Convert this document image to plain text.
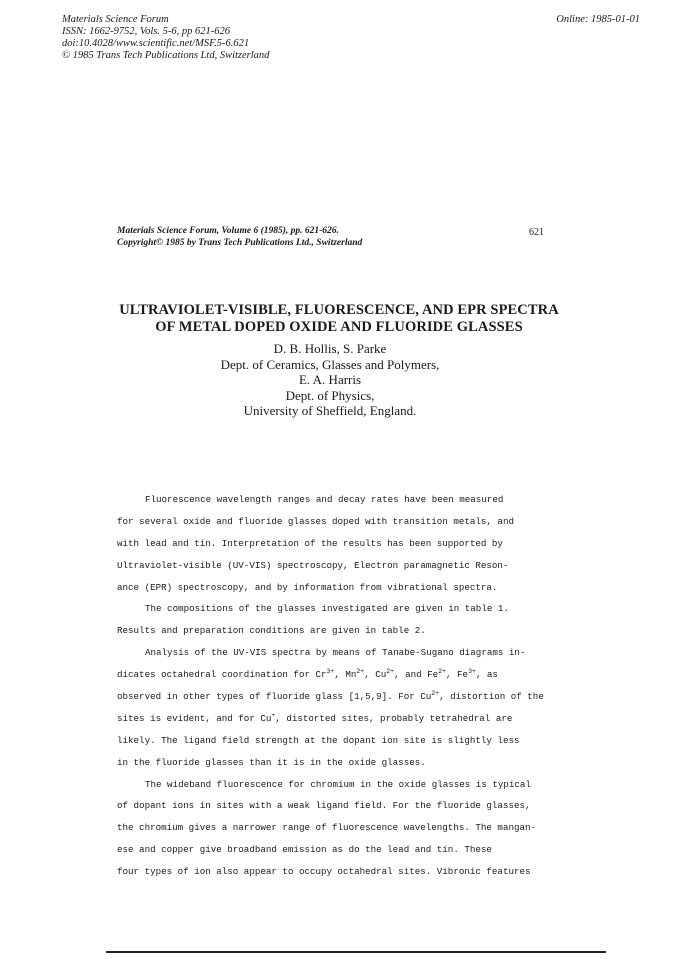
Materials Science Forum
ISSN: 1662-9752, Vols. 5-6, pp 621-626
doi:10.4028/www.scientific.net/MSF.5-6.621
© 1985 Trans Tech Publications Ltd, Switzerland
Online: 1985-01-01
Materials Science Forum, Volume 6 (1985), pp. 621-626.
Copyright© 1985 by Trans Tech Publications Ltd., Switzerland
621
ULTRAVIOLET-VISIBLE, FLUORESCENCE, AND EPR SPECTRA
OF METAL DOPED OXIDE AND FLUORIDE GLASSES
D. B. Hollis, S. Parke
Dept. of Ceramics, Glasses and Polymers,
E. A. Harris
Dept. of Physics,
University of Sheffield, England.
Fluorescence wavelength ranges and decay rates have been measured
for several oxide and fluoride glasses doped with transition metals, and
with lead and tin. Interpretation of the results has been supported by
Ultraviolet-visible (UV-VIS) spectroscopy, Electron paramagnetic Reson-
ance (EPR) spectroscopy, and by information from vibrational spectra.
The compositions of the glasses investigated are given in table 1.
Results and preparation conditions are given in table 2.
Analysis of the UV-VIS spectra by means of Tanabe-Sugano diagrams in-
dicates octahedral coordination for $Cr^{3+}$, $Mn^{2+}$, $Cu^{2+}$, and $Fe^{2+}$, $Fe^{3+}$, as
observed in other types of fluoride glass [1,5,9]. For $Cu^{2+}$, distortion of the
sites is evident, and for Cu+, distorted sites, probably tetrahedral are
likely. The ligand field strength at the dopant ion site is slightly less
in the fluoride glasses than it is in the oxide glasses.
The wideband fluorescence for chromium in the oxide glasses is typical
of dopant ions in sites with a weak ligand field. For the fluoride glasses,
the chromium gives a narrower range of fluorescence wavelengths. The mangan-
ese and copper give broadband emission as do the lead and tin. These
four types of ion also appear to occupy octahedral sites. Vibronic features
